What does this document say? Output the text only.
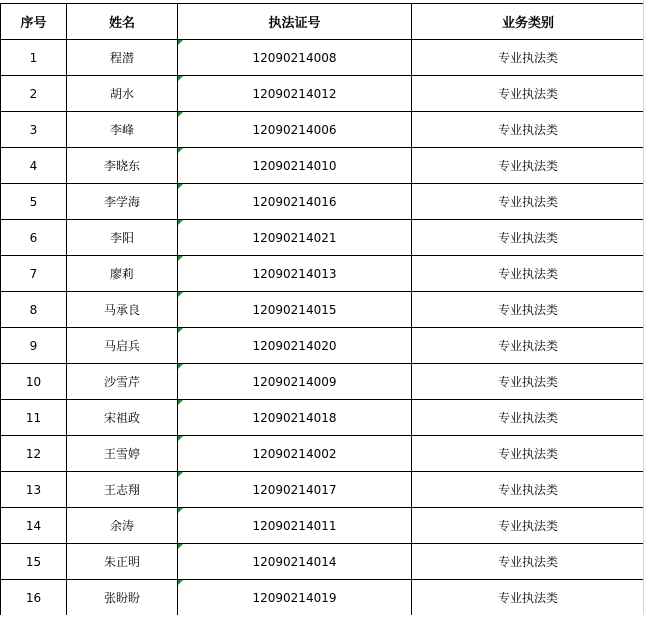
序号	姓名	执法证号	业务类别
1	程潜	12090214008	专业执法类
2	胡水	12090214012	专业执法类
3	李峰	12090214006	专业执法类
4	李晓东	12090214010	专业执法类
5	李学海	12090214016	专业执法类
6	李阳	12090214021	专业执法类
7	廖莉	12090214013	专业执法类
8	马承良	12090214015	专业执法类
9	马启兵	12090214020	专业执法类
10	沙雪芹	12090214009	专业执法类
11	宋祖政	12090214018	专业执法类
12	王雪婷	12090214002	专业执法类
13	王志翔	12090214017	专业执法类
14	余涛	12090214011	专业执法类
15	朱正明	12090214014	专业执法类
16	张盼盼	12090214019	专业执法类
